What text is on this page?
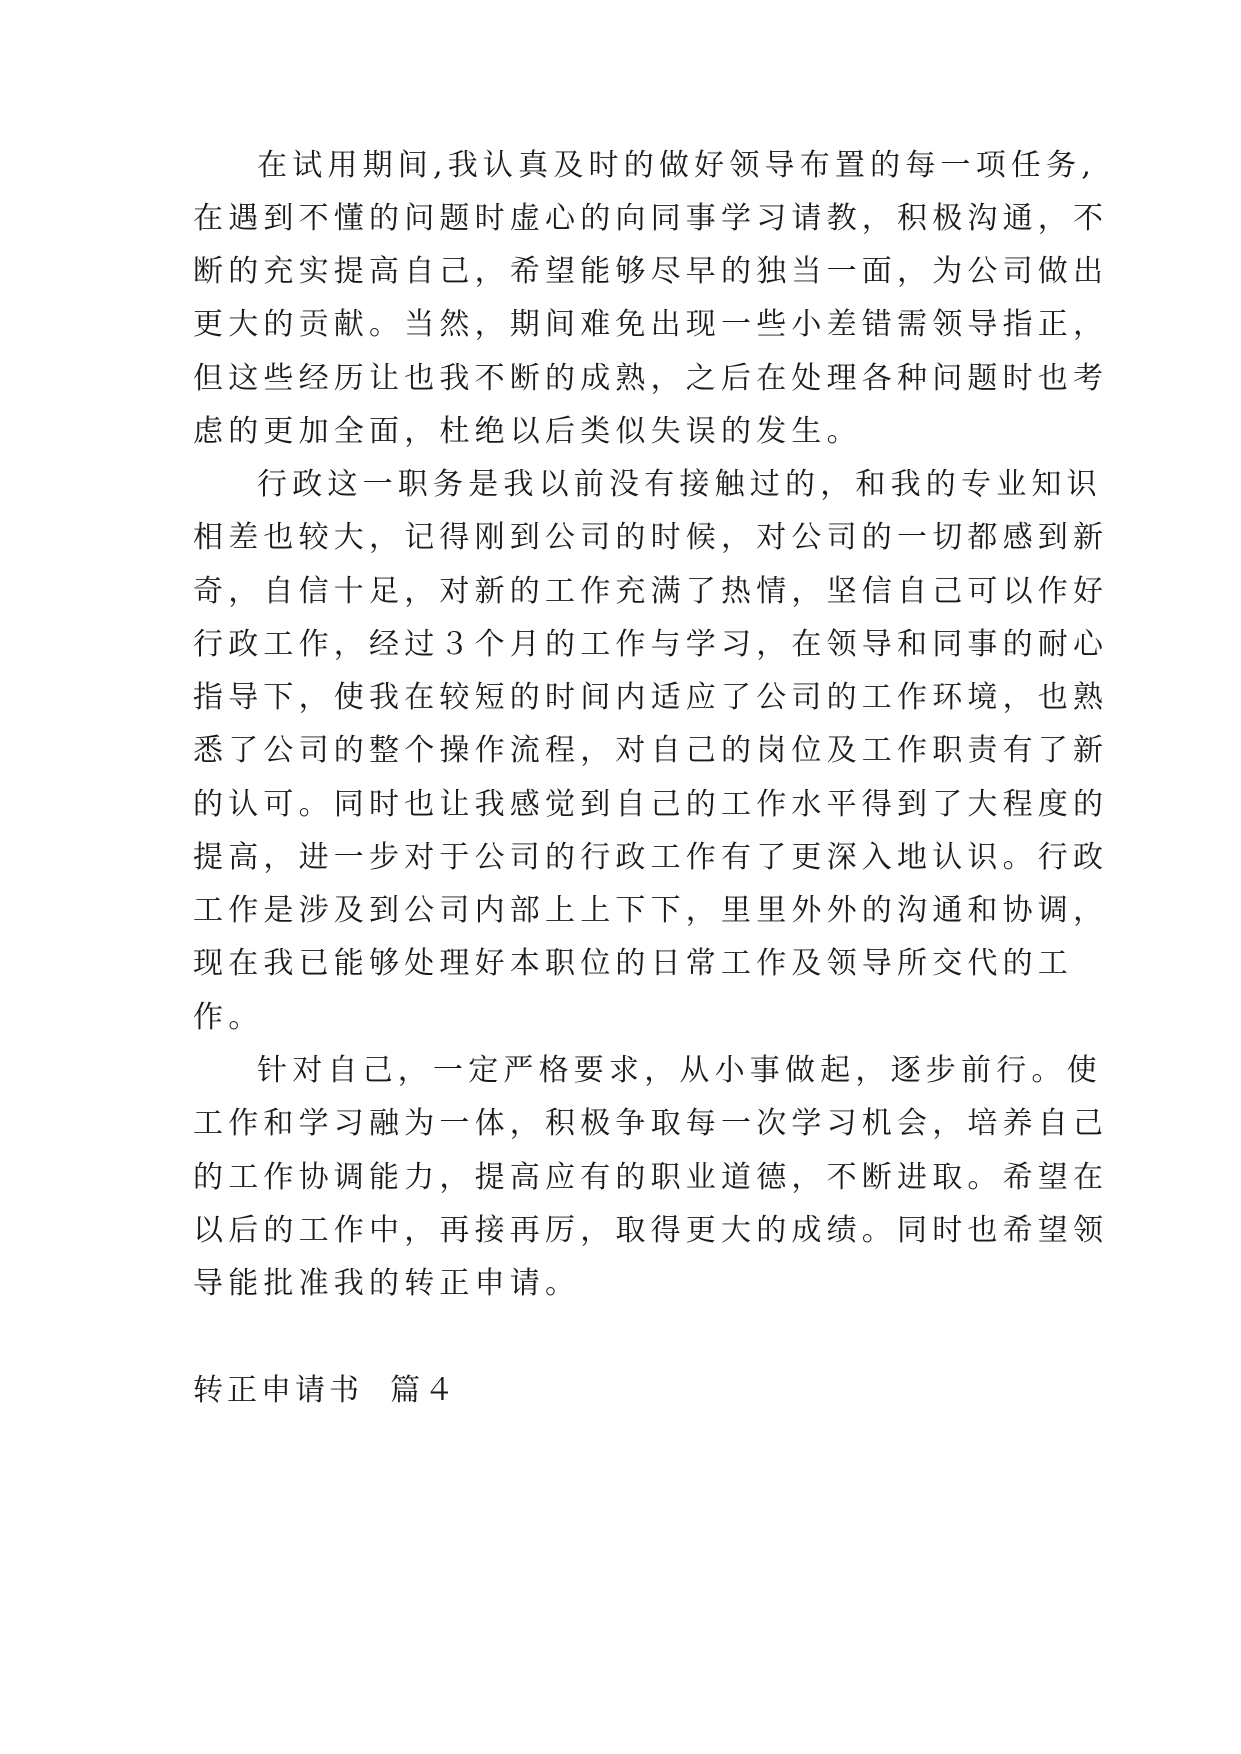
在试用期间,我认真及时的做好领导布置的每一项任务,
在遇到不懂的问题时虚心的向同事学习请教，积极沟通，不
断的充实提高自己，希望能够尽早的独当一面，为公司做出
更大的贡献。当然，期间难免出现一些小差错需领导指正，
但这些经历让也我不断的成熟，之后在处理各种问题时也考
虑的更加全面，杜绝以后类似失误的发生。
行政这一职务是我以前没有接触过的，和我的专业知识
相差也较大，记得刚到公司的时候，对公司的一切都感到新
奇，自信十足，对新的工作充满了热情，坚信自己可以作好
行政工作，经过３个月的工作与学习，在领导和同事的耐心
指导下，使我在较短的时间内适应了公司的工作环境，也熟
悉了公司的整个操作流程，对自己的岗位及工作职责有了新
的认可。同时也让我感觉到自己的工作水平得到了大程度的
提高，进一步对于公司的行政工作有了更深入地认识。行政
工作是涉及到公司内部上上下下，里里外外的沟通和协调，
现在我已能够处理好本职位的日常工作及领导所交代的工
作。
针对自己，一定严格要求，从小事做起，逐步前行。使
工作和学习融为一体，积极争取每一次学习机会，培养自己
的工作协调能力，提高应有的职业道德，不断进取。希望在
以后的工作中，再接再厉，取得更大的成绩。同时也希望领
导能批准我的转正申请。
转正申请书  篇４
